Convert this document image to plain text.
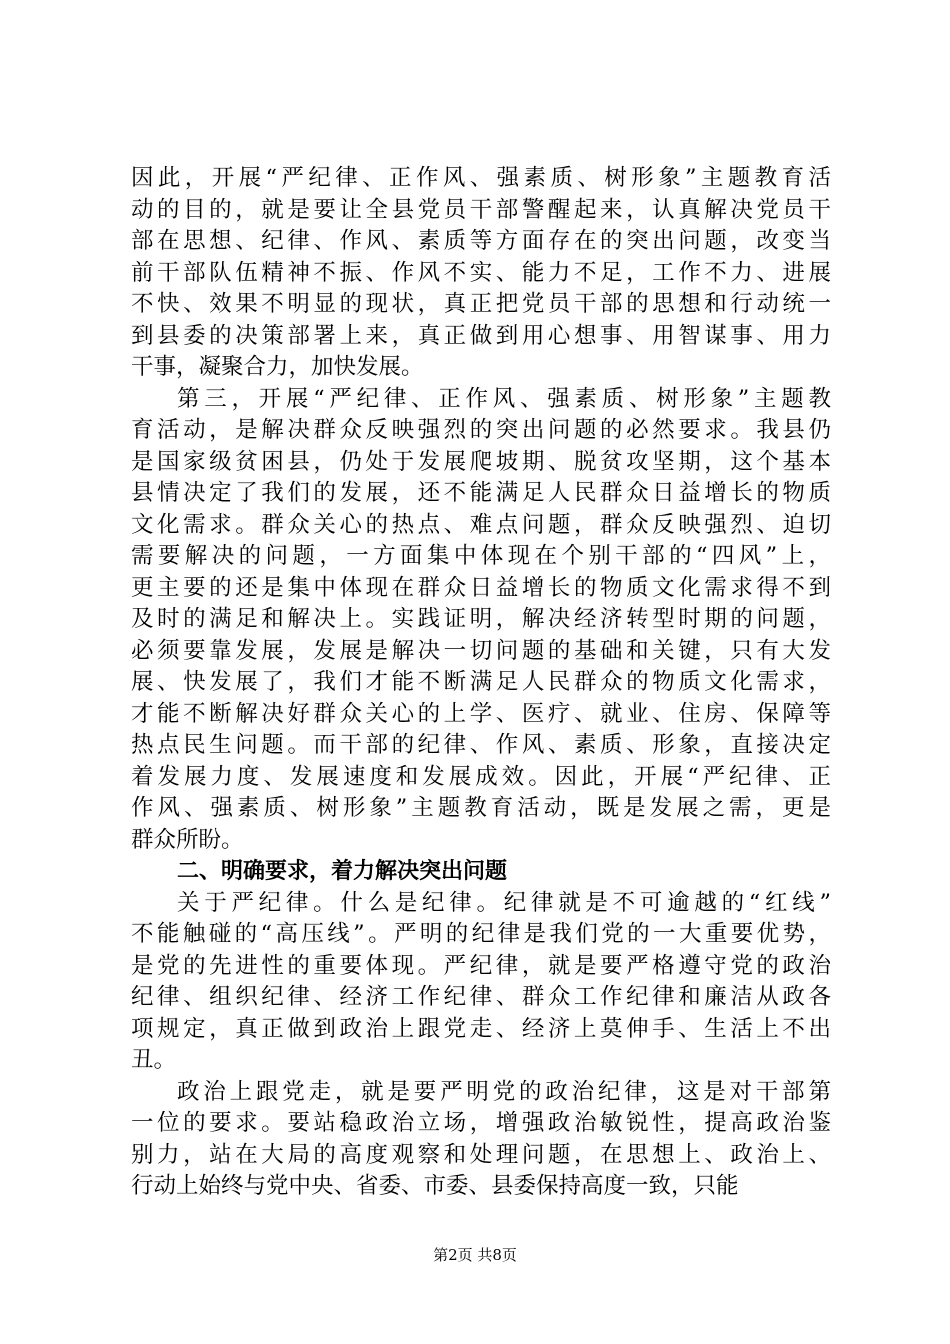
因此，开展“严纪律、正作风、强素质、树形象”主题教育活
动的目的，就是要让全县党员干部警醒起来，认真解决党员干
部在思想、纪律、作风、素质等方面存在的突出问题，改变当
前干部队伍精神不振、作风不实、能力不足，工作不力、进展
不快、效果不明显的现状，真正把党员干部的思想和行动统一
到县委的决策部署上来，真正做到用心想事、用智谋事、用力
干事，凝聚合力，加快发展。
第三，开展“严纪律、正作风、强素质、树形象”主题教
育活动，是解决群众反映强烈的突出问题的必然要求。我县仍
是国家级贫困县，仍处于发展爬坡期、脱贫攻坚期，这个基本
县情决定了我们的发展，还不能满足人民群众日益增长的物质
文化需求。群众关心的热点、难点问题，群众反映强烈、迫切
需要解决的问题，一方面集中体现在个别干部的“四风”上，
更主要的还是集中体现在群众日益增长的物质文化需求得不到
及时的满足和解决上。实践证明，解决经济转型时期的问题，
必须要靠发展，发展是解决一切问题的基础和关键，只有大发
展、快发展了，我们才能不断满足人民群众的物质文化需求，
才能不断解决好群众关心的上学、医疗、就业、住房、保障等
热点民生问题。而干部的纪律、作风、素质、形象，直接决定
着发展力度、发展速度和发展成效。因此，开展“严纪律、正
作风、强素质、树形象”主题教育活动，既是发展之需，更是
群众所盼。
二、明确要求，着力解决突出问题
关于严纪律。什么是纪律。纪律就是不可逾越的“红线”
不能触碰的“高压线”。严明的纪律是我们党的一大重要优势，
是党的先进性的重要体现。严纪律，就是要严格遵守党的政治
纪律、组织纪律、经济工作纪律、群众工作纪律和廉洁从政各
项规定，真正做到政治上跟党走、经济上莫伸手、生活上不出
丑。
政治上跟党走，就是要严明党的政治纪律，这是对干部第
一位的要求。要站稳政治立场，增强政治敏锐性，提高政治鉴
别力，站在大局的高度观察和处理问题，在思想上、政治上、
行动上始终与党中央、省委、市委、县委保持高度一致，只能
第2页 共8页
